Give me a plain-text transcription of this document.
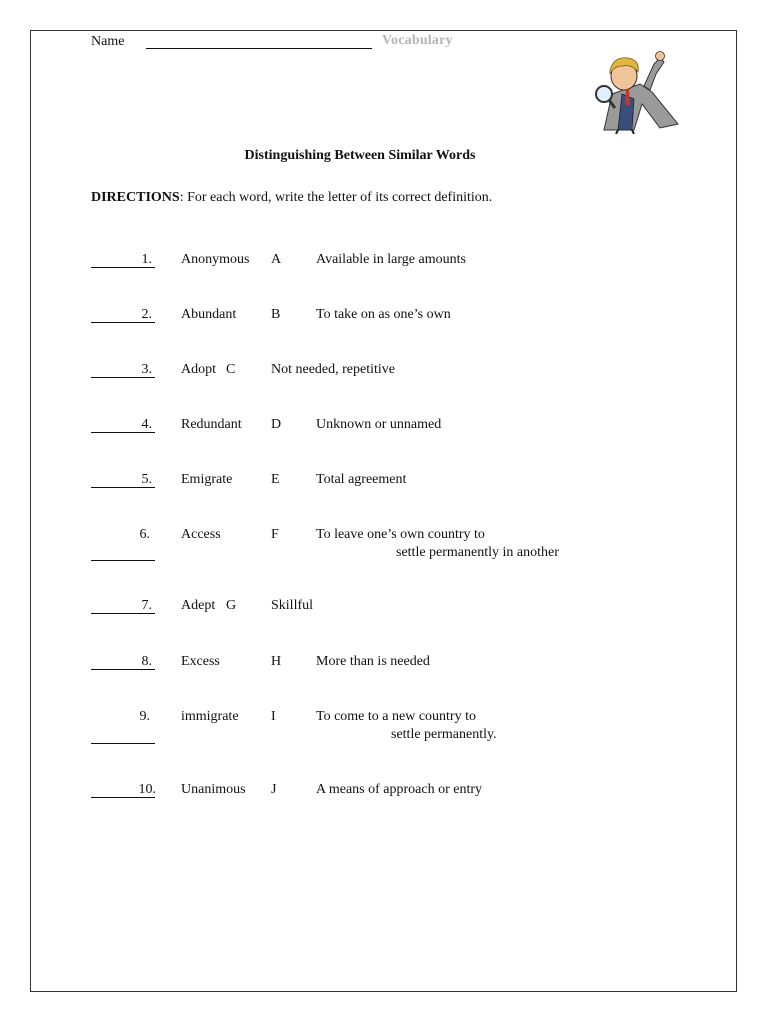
Name	Vocabulary
Distinguishing Between Similar Words
DIRECTIONS: For each word, write the letter of its correct definition.
1. Anonymous A Available in large amounts
2. Abundant B	To take on as one’s own
3. Adopt C	Not needed, repetitive
4. Redundant D Unknown or unnamed
5. Emigrate	E	Total agreement
6. Access	F	To leave one’s own country to
settle permanently in another
7. Adept G Skillful
8. Excess	H More than is needed
9. immigrate I	To come to a new country to
settle permanently.
10. Unanimous J	A means of approach or entry
